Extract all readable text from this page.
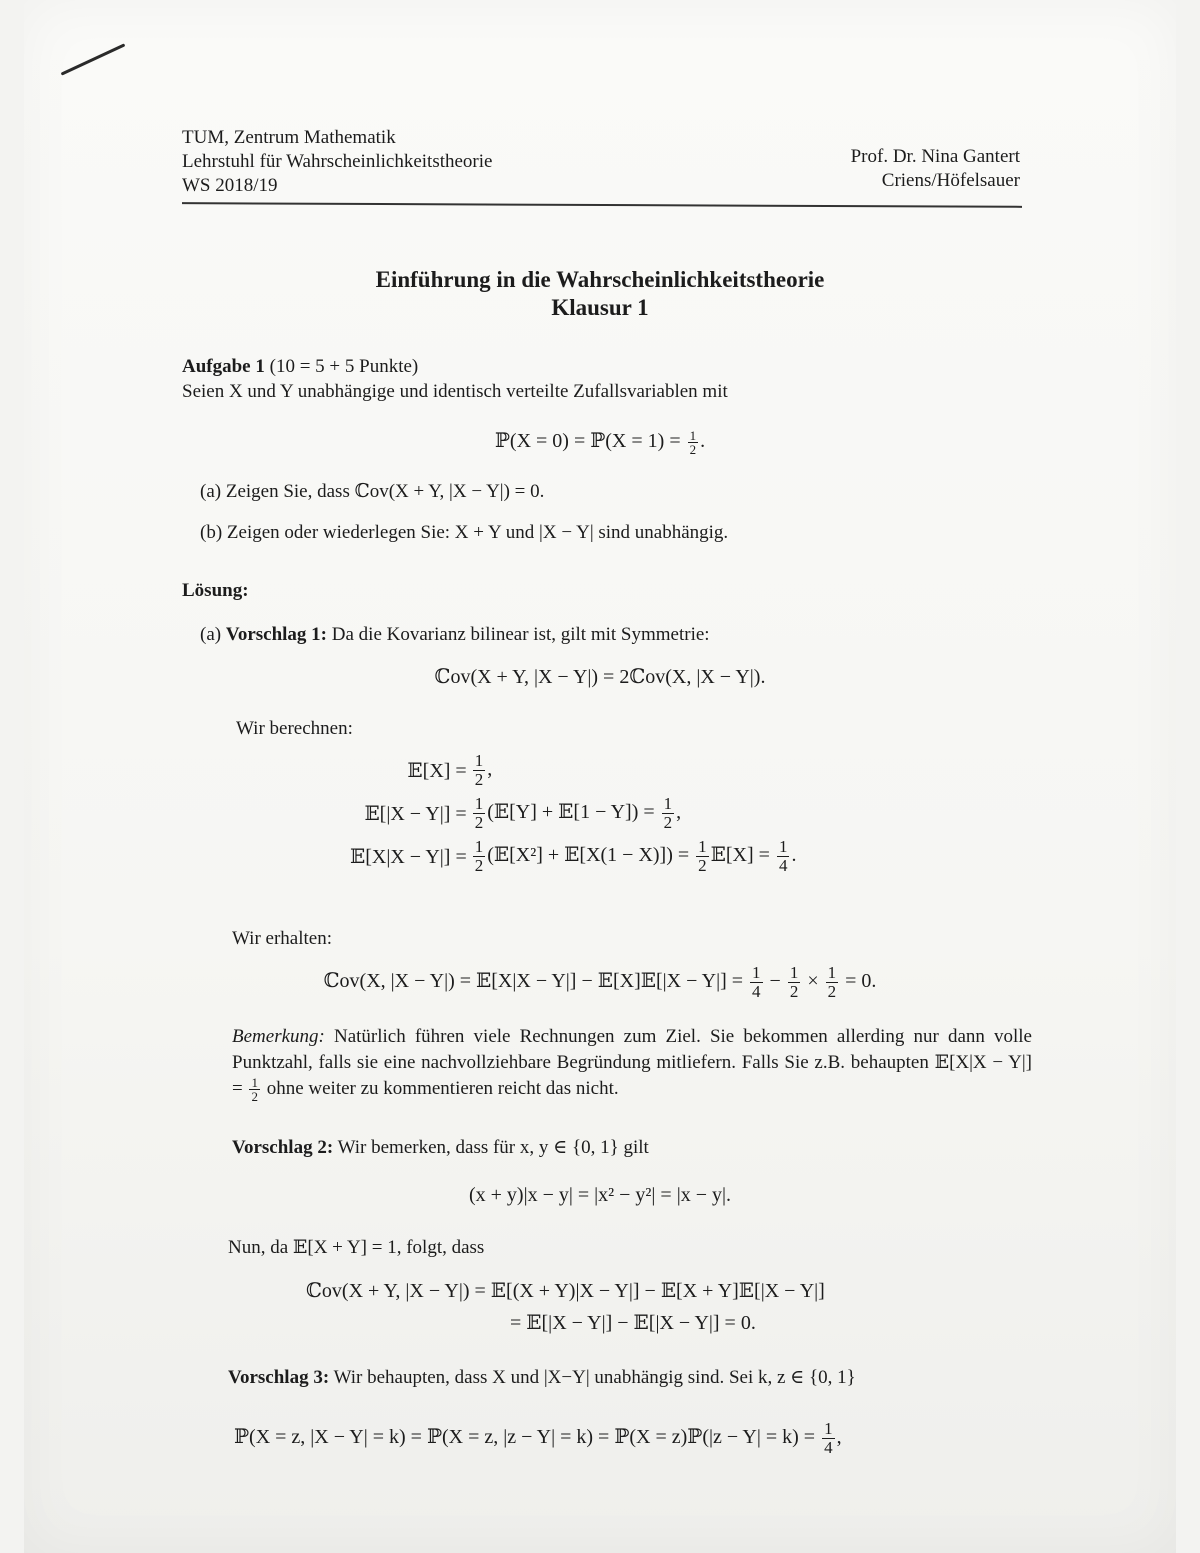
TUM, Zentrum Mathematik
Lehrstuhl für Wahrscheinlichkeitstheorie
WS 2018/19
Prof. Dr. Nina Gantert
Criens/Höfelsauer
Einführung in die Wahrscheinlichkeitstheorie
Klausur 1
Aufgabe 1 (10 = 5 + 5 Punkte)
Seien X und Y unabhängige und identisch verteilte Zufallsvariablen mit
ℙ(X = 0) = ℙ(X = $1) = \frac{1}{2}$ .
(a) Zeigen Sie, dass ℂov(X + Y, |X − Y|) = 0.
(b) Zeigen oder wiederlegen Sie: X + Y und |X − Y| sind unabhängig.
Lösung:
(a) Vorschlag 1: Da die Kovarianz bilinear ist, gilt mit Symmetrie:
ℂov(X + Y, |X − Y|) = 2ℂov(X, |X − Y|).
Wir berechnen:
𝔼[X] = $\frac{1}{2}$ ,
𝔼[|X − $Y|] = \frac{1}{2}$ (𝔼[Y] + 𝔼[1 − $Y]) = \frac{1}{2}$ ,
𝔼[X|X − $Y|] = \frac{1}{2}$ (𝔼[X²] + 𝔼[X(1 − $X)]) = \frac{1}{2}$ 𝔼[X] = $\frac{1}{4}$ .
Wir erhalten:
ℂov(X, |X − Y|) = 𝔼[X|X − Y|] − 𝔼[X]𝔼[|X − $Y|] = \frac{1}{4} - \frac{1}{2} \times \frac{1}{2} = 0$.
Bemerkung: Natürlich führen viele Rechnungen zum Ziel. Sie bekommen allerding nur dann volle Punktzahl, falls sie eine nachvollziehbare Begründung mitliefern. Falls Sie z.B. behaupten 𝔼[X|X − $Y|] = \frac{1}{2}$ ohne weiter zu kommentieren reicht das nicht.
Vorschlag 2: Wir bemerken, dass für x, y ∈ {0, 1} gilt
(x + y)|x − y| = |x² − y²| = |x − y|.
Nun, da 𝔼[X + Y] = 1, folgt, dass
ℂov(X + Y, |X − Y|) = 𝔼[(X + Y)|X − Y|] − 𝔼[X + Y]𝔼[|X − Y|]
= 𝔼[|X − Y|] − 𝔼[|X − Y|] = 0.
Vorschlag 3: Wir behaupten, dass X und |X−Y| unabhängig sind. Sei k, z ∈ {0, 1}
ℙ(X = z, |X − Y| = k) = ℙ(X = z, |z − Y| = k) = ℙ(X = z)ℙ(|z − $Y| = k) = \frac{1}{4}$ ,
